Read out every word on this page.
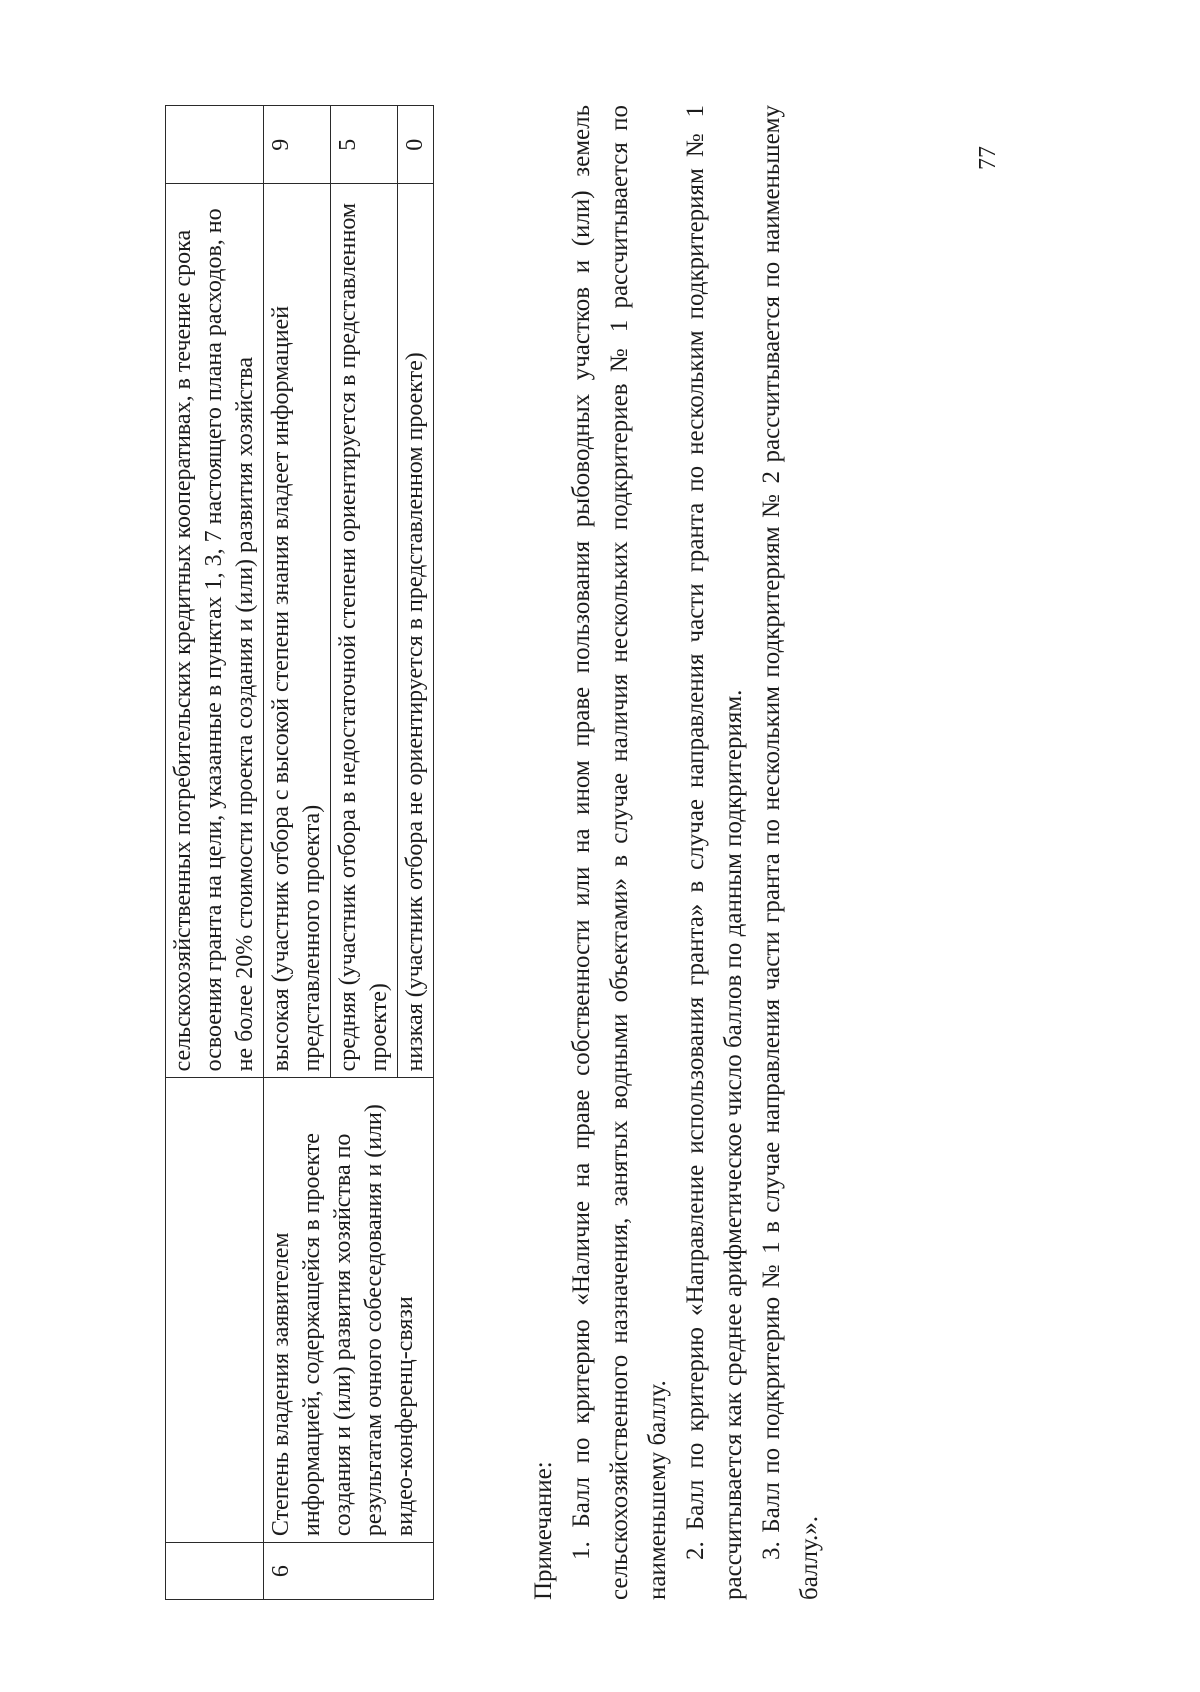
		сельскохозяйственных потребительских кредитных кооперативах, в течение срока освоения гранта на цели, указанные в пунктах 1, 3, 7 настоящего плана расходов, но не более 20% стоимости проекта создания и (или) развития хозяйства	
6	Степень владения заявителем информацией, содержащейся в проекте создания и (или) развития хозяйства по результатам очного собеседования и (или) видео-конференц-связи	высокая (участник отбора с высокой степени знания владеет информацией представленного проекта)	9
		средняя (участник отбора в недостаточной степени ориентируется в представленном проекте)	5
		низкая (участник отбора не ориентируется в представленном проекте)	0

Примечание: 1. Балл по критерию «Наличие на праве собственности или на ином праве пользования рыбоводных участков и (или) земель сельскохозяйственного назначения, занятых водными объектами» в случае наличия нескольких подкритериев № 1 рассчитывается по наименьшему баллу. 2. Балл по критерию «Направление использования гранта» в случае направления части гранта по нескольким подкритериям № 1 рассчитывается как среднее арифметическое число баллов по данным подкритериям. 3. Балл по подкритерию № 1 в случае направления части гранта по нескольким подкритериям № 2 рассчитывается по наименьшему баллу.».

77
